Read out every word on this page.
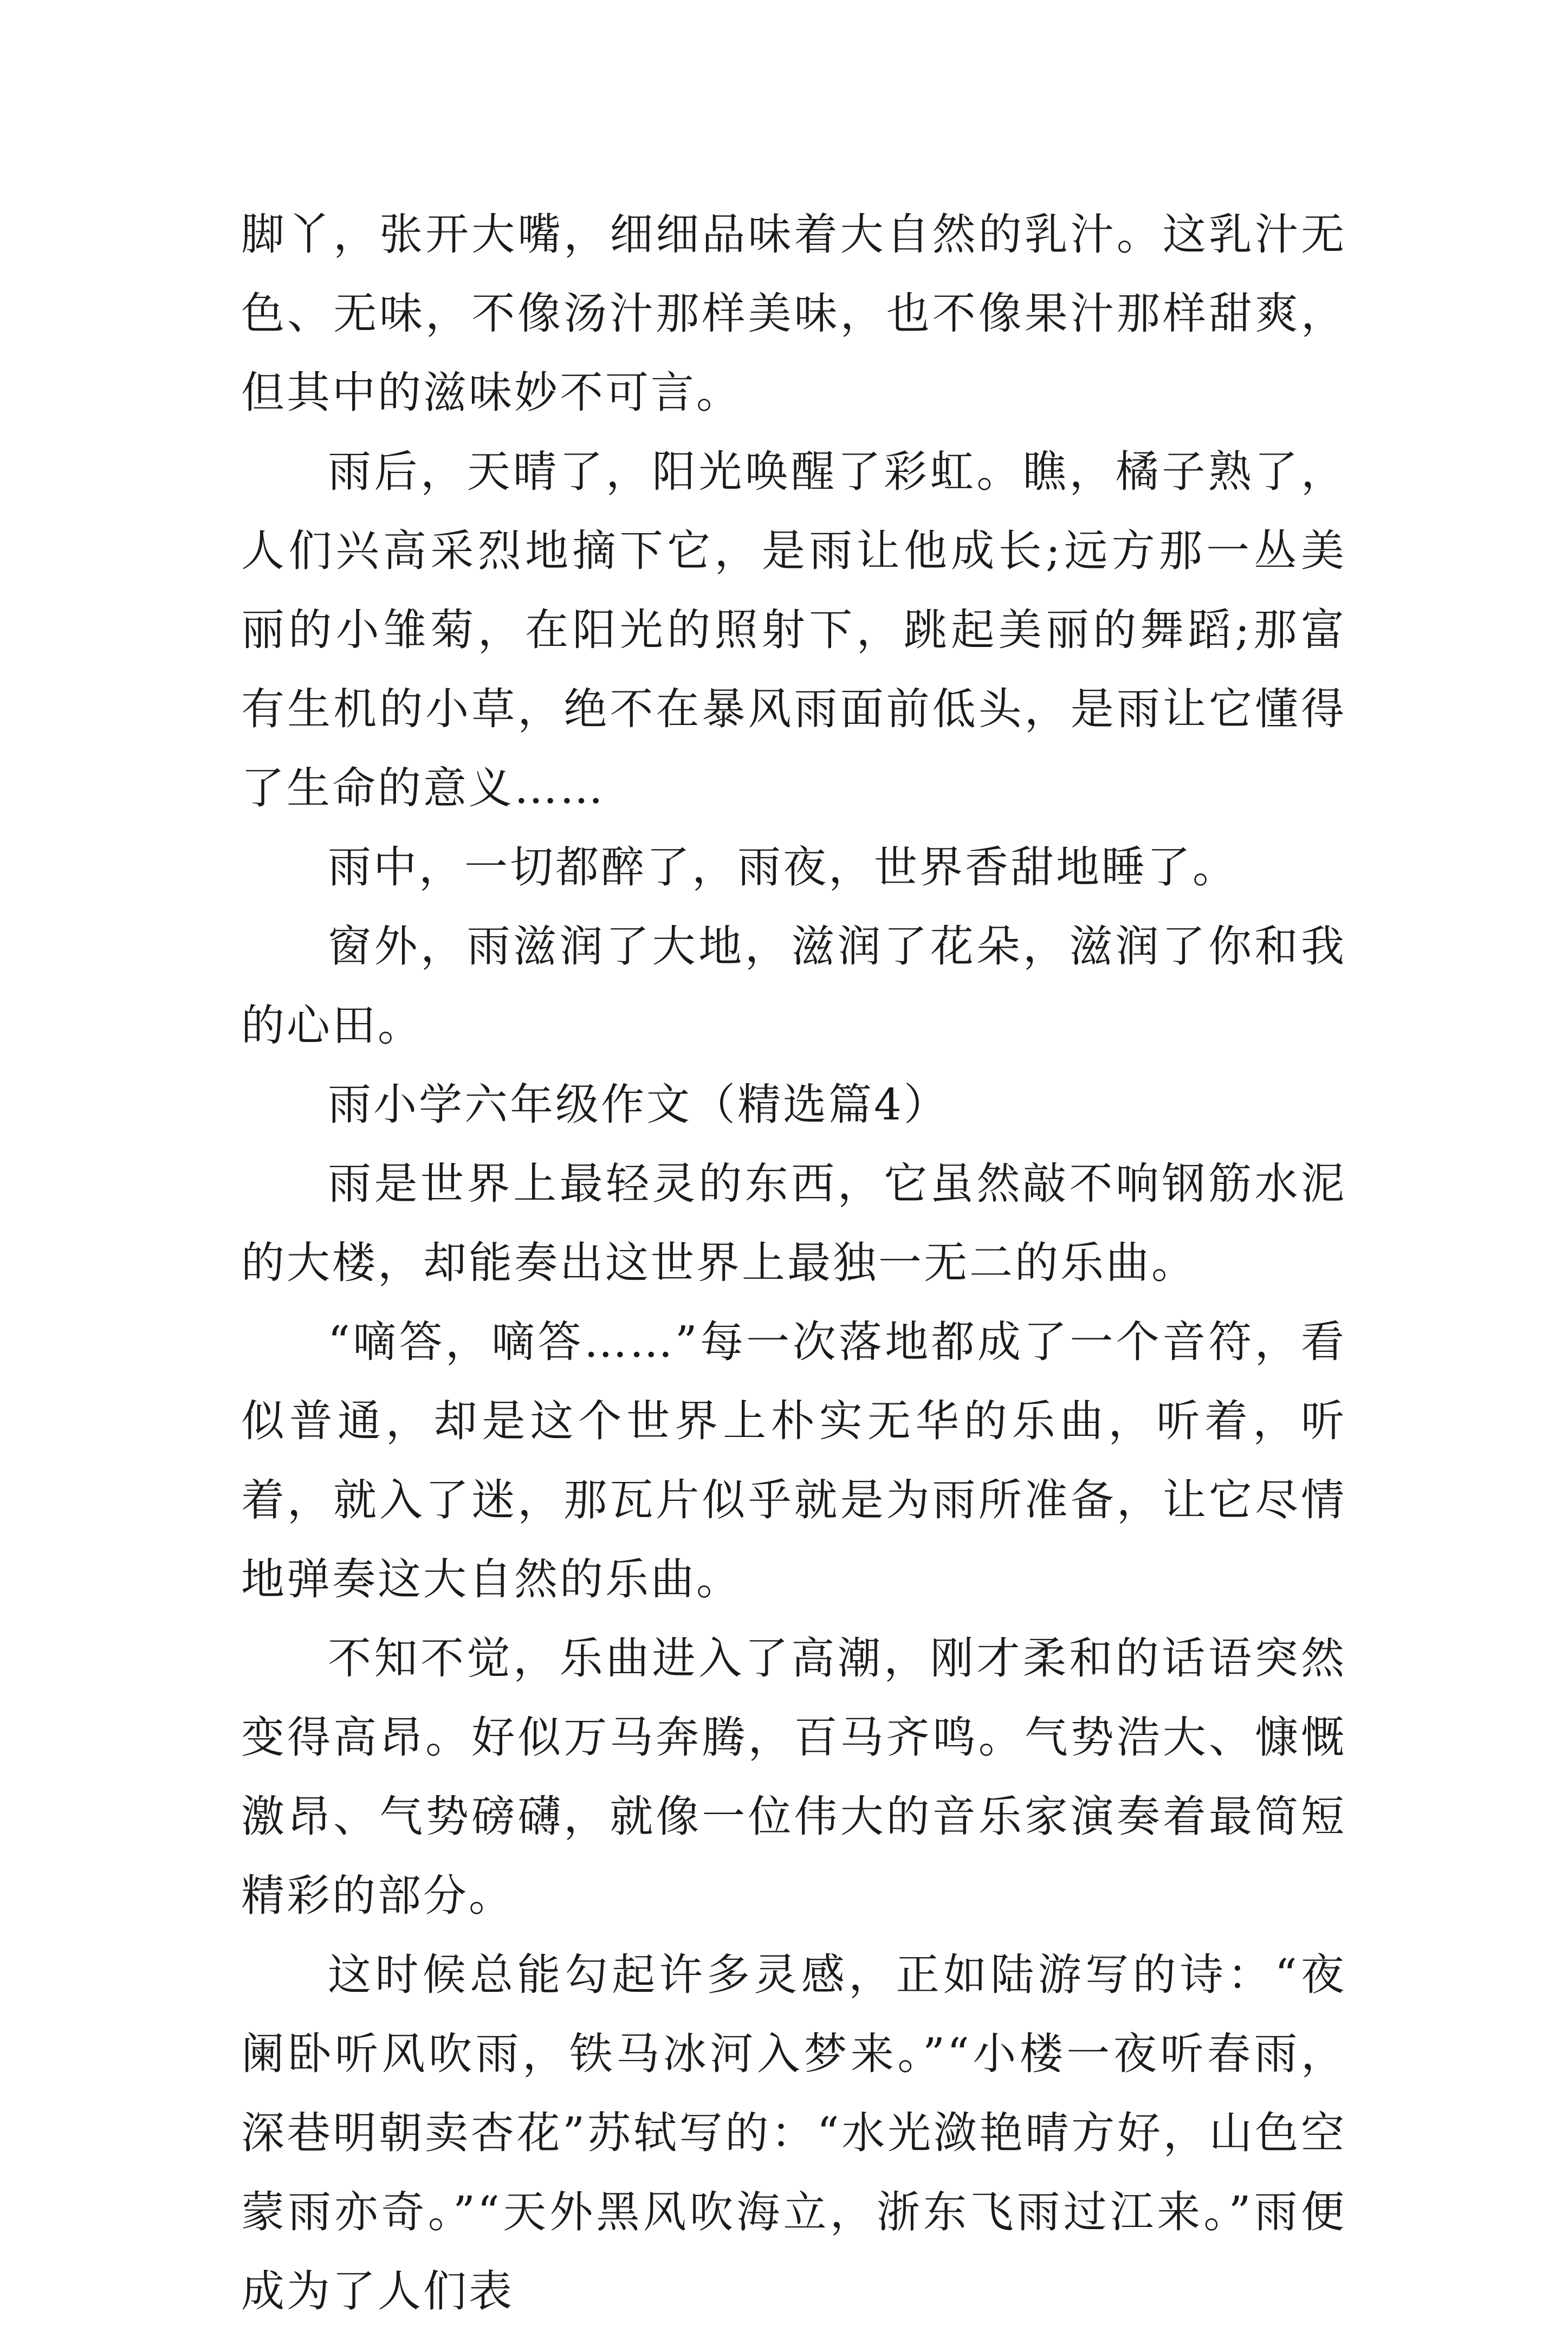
脚丫，张开大嘴，细细品味着大自然的乳汁。这乳汁无色、无味，不像汤汁那样美味，也不像果汁那样甜爽，但其中的滋味妙不可言。

雨后，天晴了，阳光唤醒了彩虹。瞧，橘子熟了，人们兴高采烈地摘下它，是雨让他成长;远方那一丛美丽的小雏菊，在阳光的照射下，跳起美丽的舞蹈;那富有生机的小草，绝不在暴风雨面前低头，是雨让它懂得了生命的意义……

雨中，一切都醉了，雨夜，世界香甜地睡了。

窗外，雨滋润了大地，滋润了花朵，滋润了你和我的心田。

雨小学六年级作文（精选篇4）

雨是世界上最轻灵的东西，它虽然敲不响钢筋水泥的大楼，却能奏出这世界上最独一无二的乐曲。

“嘀答，嘀答……”每一次落地都成了一个音符，看似普通，却是这个世界上朴实无华的乐曲，听着，听着，就入了迷，那瓦片似乎就是为雨所准备，让它尽情地弹奏这大自然的乐曲。

不知不觉，乐曲进入了高潮，刚才柔和的话语突然变得高昂。好似万马奔腾，百马齐鸣。气势浩大、慷慨激昂、气势磅礴，就像一位伟大的音乐家演奏着最简短精彩的部分。

这时候总能勾起许多灵感，正如陆游写的诗：“夜阑卧听风吹雨，铁马冰河入梦来。”“小楼一夜听春雨，深巷明朝卖杏花”苏轼写的：“水光潋艳晴方好，山色空蒙雨亦奇。”“天外黑风吹海立，浙东飞雨过江来。”雨便成为了人们表
